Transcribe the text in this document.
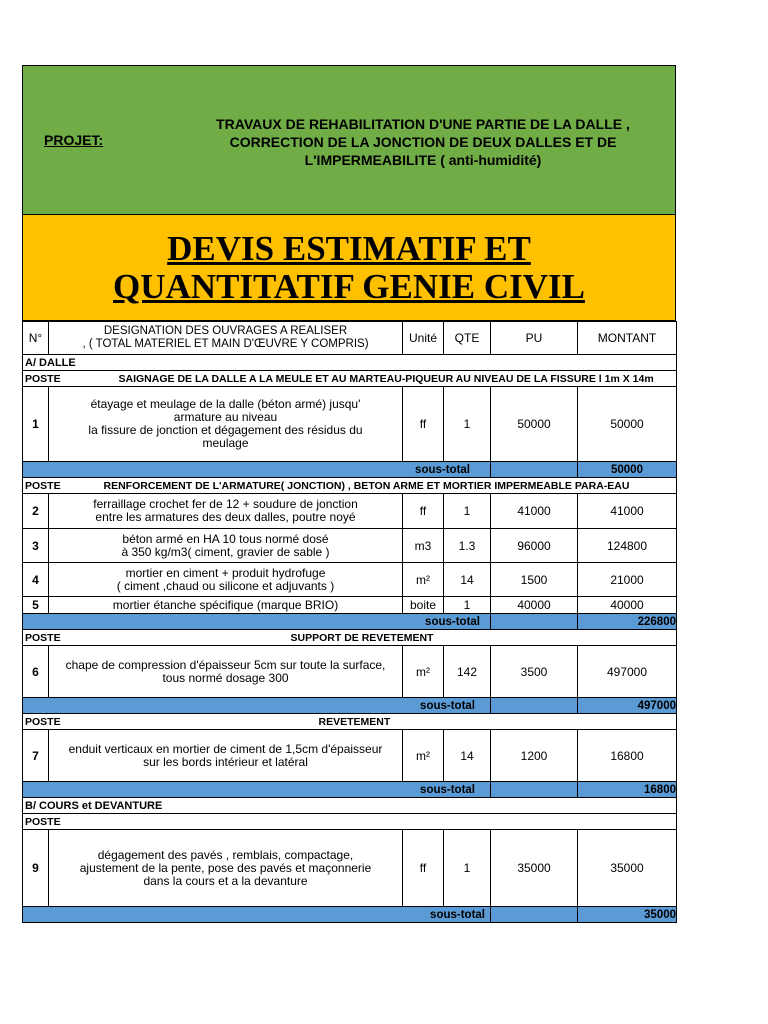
PROJET:
TRAVAUX DE REHABILITATION D'UNE PARTIE DE LA DALLE ,
CORRECTION DE LA JONCTION DE DEUX DALLES ET DE
L'IMPERMEABILITE ( anti-humidité)
DEVIS ESTIMATIF ET
QUANTITATIF GENIE CIVIL
N°	DESIGNATION DES OUVRAGES A REALISER
, ( TOTAL MATERIEL ET MAIN D'ŒUVRE Y COMPRIS)	Unité	QTE	PU	MONTANT
A/ DALLE					
POSTE SAIGNAGE DE LA DALLE A LA MEULE ET AU MARTEAU-PIQUEUR AU NIVEAU DE LA FISSURE l 1m X 14m					
1	étayage et meulage de la dalle (béton armé) jusqu'
armature au niveau
la fissure de jonction et dégagement des résidus du
meulage	ff	1	50000	50000
	sous-total				50000
POSTE RENFORCEMENT DE L'ARMATURE( JONCTION) , BETON ARME ET MORTIER IMPERMEABLE PARA-EAU					
2	ferraillage crochet fer de 12 + soudure de jonction
entre les armatures des deux dalles, poutre noyé	ff	1	41000	41000
3	béton armé en HA 10 tous normé dosé
à 350 kg/m3( ciment, gravier de sable )	m3	1.3	96000	124800
4	mortier en ciment + produit hydrofuge
( ciment ,chaud ou silicone et adjuvants )	m²	14	1500	21000
5	mortier étanche spécifique (marque BRIO)	boite	1	40000	40000
	sous-total				226800
POSTE SUPPORT DE REVETEMENT					
6	chape de compression d'épaisseur 5cm sur toute la surface,
tous normé dosage 300	m²	142	3500	497000
	sous-total				497000
POSTE REVETEMENT					
7	enduit verticaux en mortier de ciment de 1,5cm d'épaisseur
sur les bords intérieur et latéral	m²	14	1200	16800
	sous-total				16800
B/ COURS et DEVANTURE					
POSTE					
9	dégagement des pavés , remblais, compactage,
ajustement de la pente, pose des pavés et maçonnerie
dans la cours et a la devanture	ff	1	35000	35000
	sous-total				35000
